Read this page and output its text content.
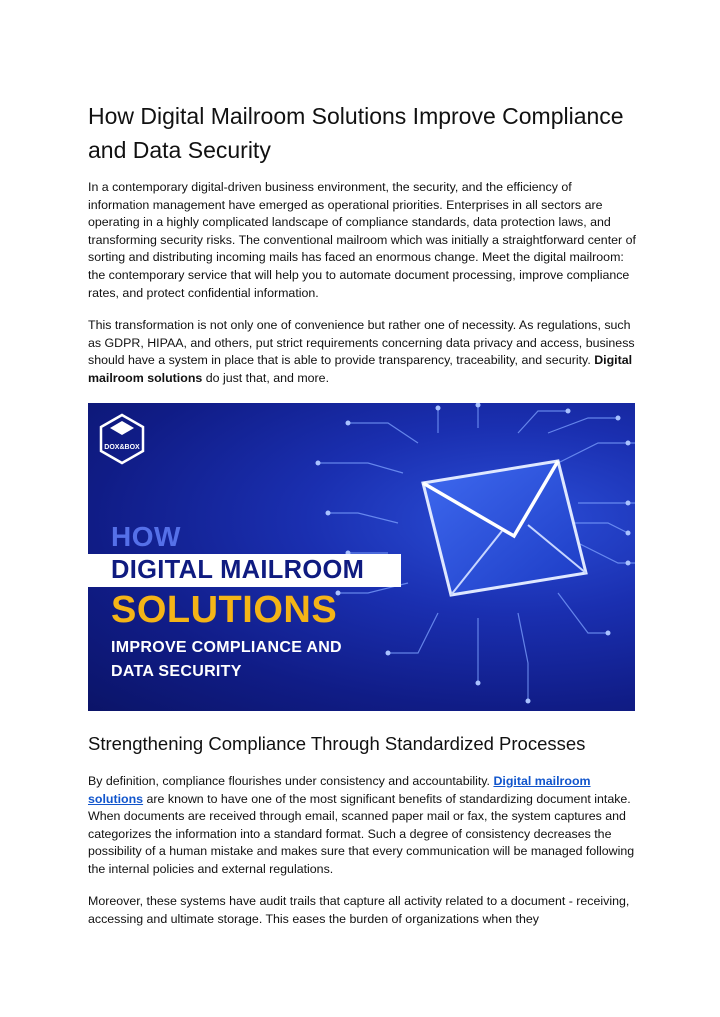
How Digital Mailroom Solutions Improve Compliance and Data Security

In a contemporary digital-driven business environment, the security, and the efficiency of information management have emerged as operational priorities. Enterprises in all sectors are operating in a highly complicated landscape of compliance standards, data protection laws, and transforming security risks. The conventional mailroom which was initially a straightforward center of sorting and distributing incoming mails has faced an enormous change. Meet the digital mailroom: the contemporary service that will help you to automate document processing, improve compliance rates, and protect confidential information.

This transformation is not only one of convenience but rather one of necessity. As regulations, such as GDPR, HIPAA, and others, put strict requirements concerning data privacy and access, business should have a system in place that is able to provide transparency, traceability, and security. Digital mailroom solutions do just that, and more.

DOX&BOX
HOW
DIGITAL MAILROOM
SOLUTIONS
IMPROVE COMPLIANCE AND
DATA SECURITY
Strengthening Compliance Through Standardized Processes

By definition, compliance flourishes under consistency and accountability. Digital mailroom solutions are known to have one of the most significant benefits of standardizing document intake. When documents are received through email, scanned paper mail or fax, the system captures and categorizes the information into a standard format. Such a degree of consistency decreases the possibility of a human mistake and makes sure that every communication will be managed following the internal policies and external regulations.

Moreover, these systems have audit trails that capture all activity related to a document - receiving, accessing and ultimate storage. This eases the burden of organizations when they
